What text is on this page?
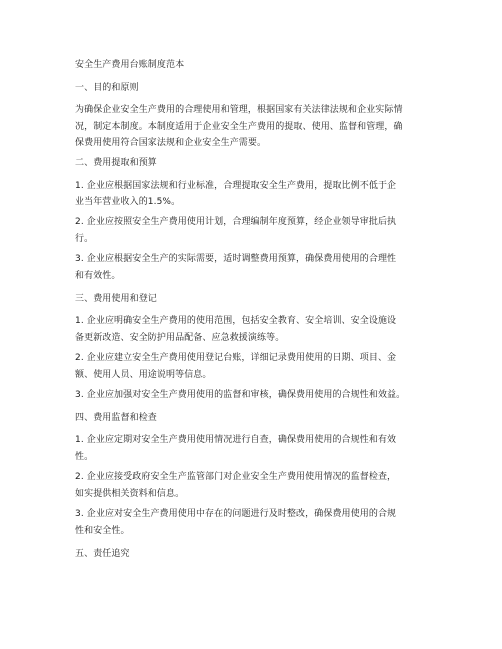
安全生产费用台账制度范本
一、目的和原则
为确保企业安全生产费用的合理使用和管理，根据国家有关法律法规和企业实际情
况，制定本制度。本制度适用于企业安全生产费用的提取、使用、监督和管理，确
保费用使用符合国家法规和企业安全生产需要。
二、费用提取和预算
1. 企业应根据国家法规和行业标准，合理提取安全生产费用，提取比例不低于企
业当年营业收入的1.5%。
2. 企业应按照安全生产费用使用计划，合理编制年度预算，经企业领导审批后执
行。
3. 企业应根据安全生产的实际需要，适时调整费用预算，确保费用使用的合理性
和有效性。
三、费用使用和登记
1. 企业应明确安全生产费用的使用范围，包括安全教育、安全培训、安全设施设
备更新改造、安全防护用品配备、应急救援演练等。
2. 企业应建立安全生产费用使用登记台账，详细记录费用使用的日期、项目、金
额、使用人员、用途说明等信息。
3. 企业应加强对安全生产费用使用的监督和审核，确保费用使用的合规性和效益。
四、费用监督和检查
1. 企业应定期对安全生产费用使用情况进行自查，确保费用使用的合规性和有效
性。
2. 企业应接受政府安全生产监管部门对企业安全生产费用使用情况的监督检查，
如实提供相关资料和信息。
3. 企业应对安全生产费用使用中存在的问题进行及时整改，确保费用使用的合规
性和安全性。
五、责任追究
